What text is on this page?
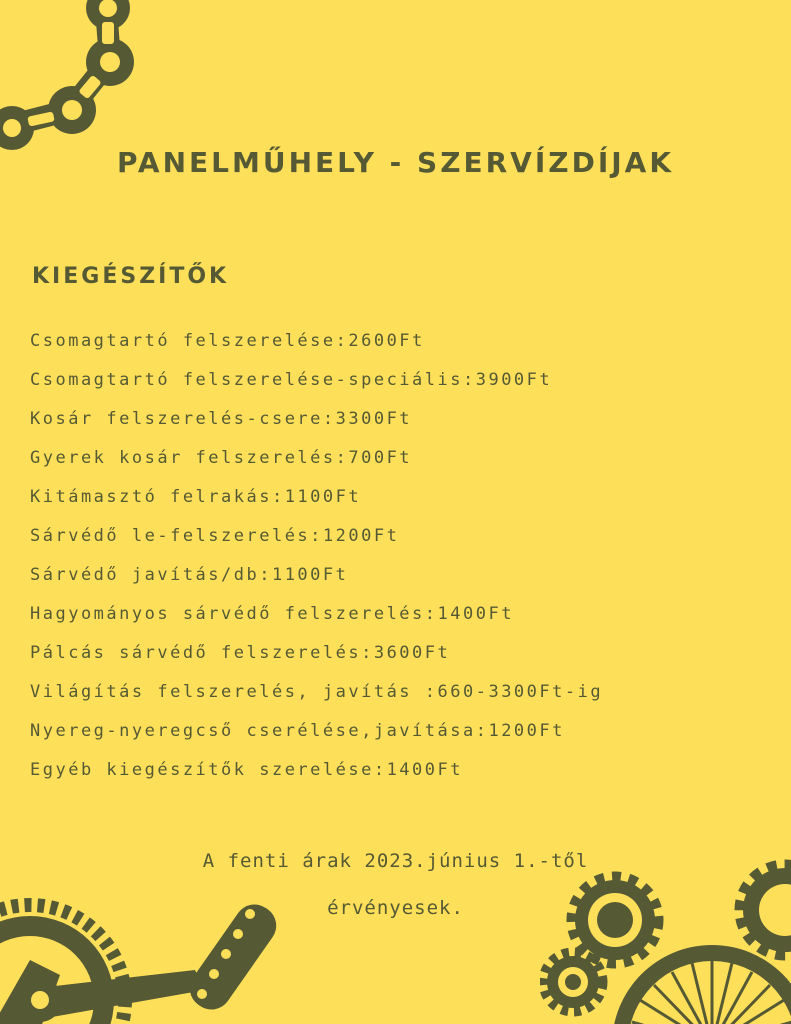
PANELMŰHELY - SZERVÍZDÍJAK
KIEGÉSZÍTŐK
Csomagtartó felszerelése:2600Ft
Csomagtartó felszerelése-speciális:3900Ft
Kosár felszerelés-csere:3300Ft
Gyerek kosár felszerelés:700Ft
Kitámasztó felrakás:1100Ft
Sárvédő le-felszerelés:1200Ft
Sárvédő javítás/db:1100Ft
Hagyományos sárvédő felszerelés:1400Ft
Pálcás sárvédő felszerelés:3600Ft
Világítás felszerelés, javítás :660-3300Ft-ig
Nyereg-nyeregcső cserélése,javítása:1200Ft
Egyéb kiegészítők szerelése:1400Ft
A fenti árak 2023.június 1.-től
érvényesek.
